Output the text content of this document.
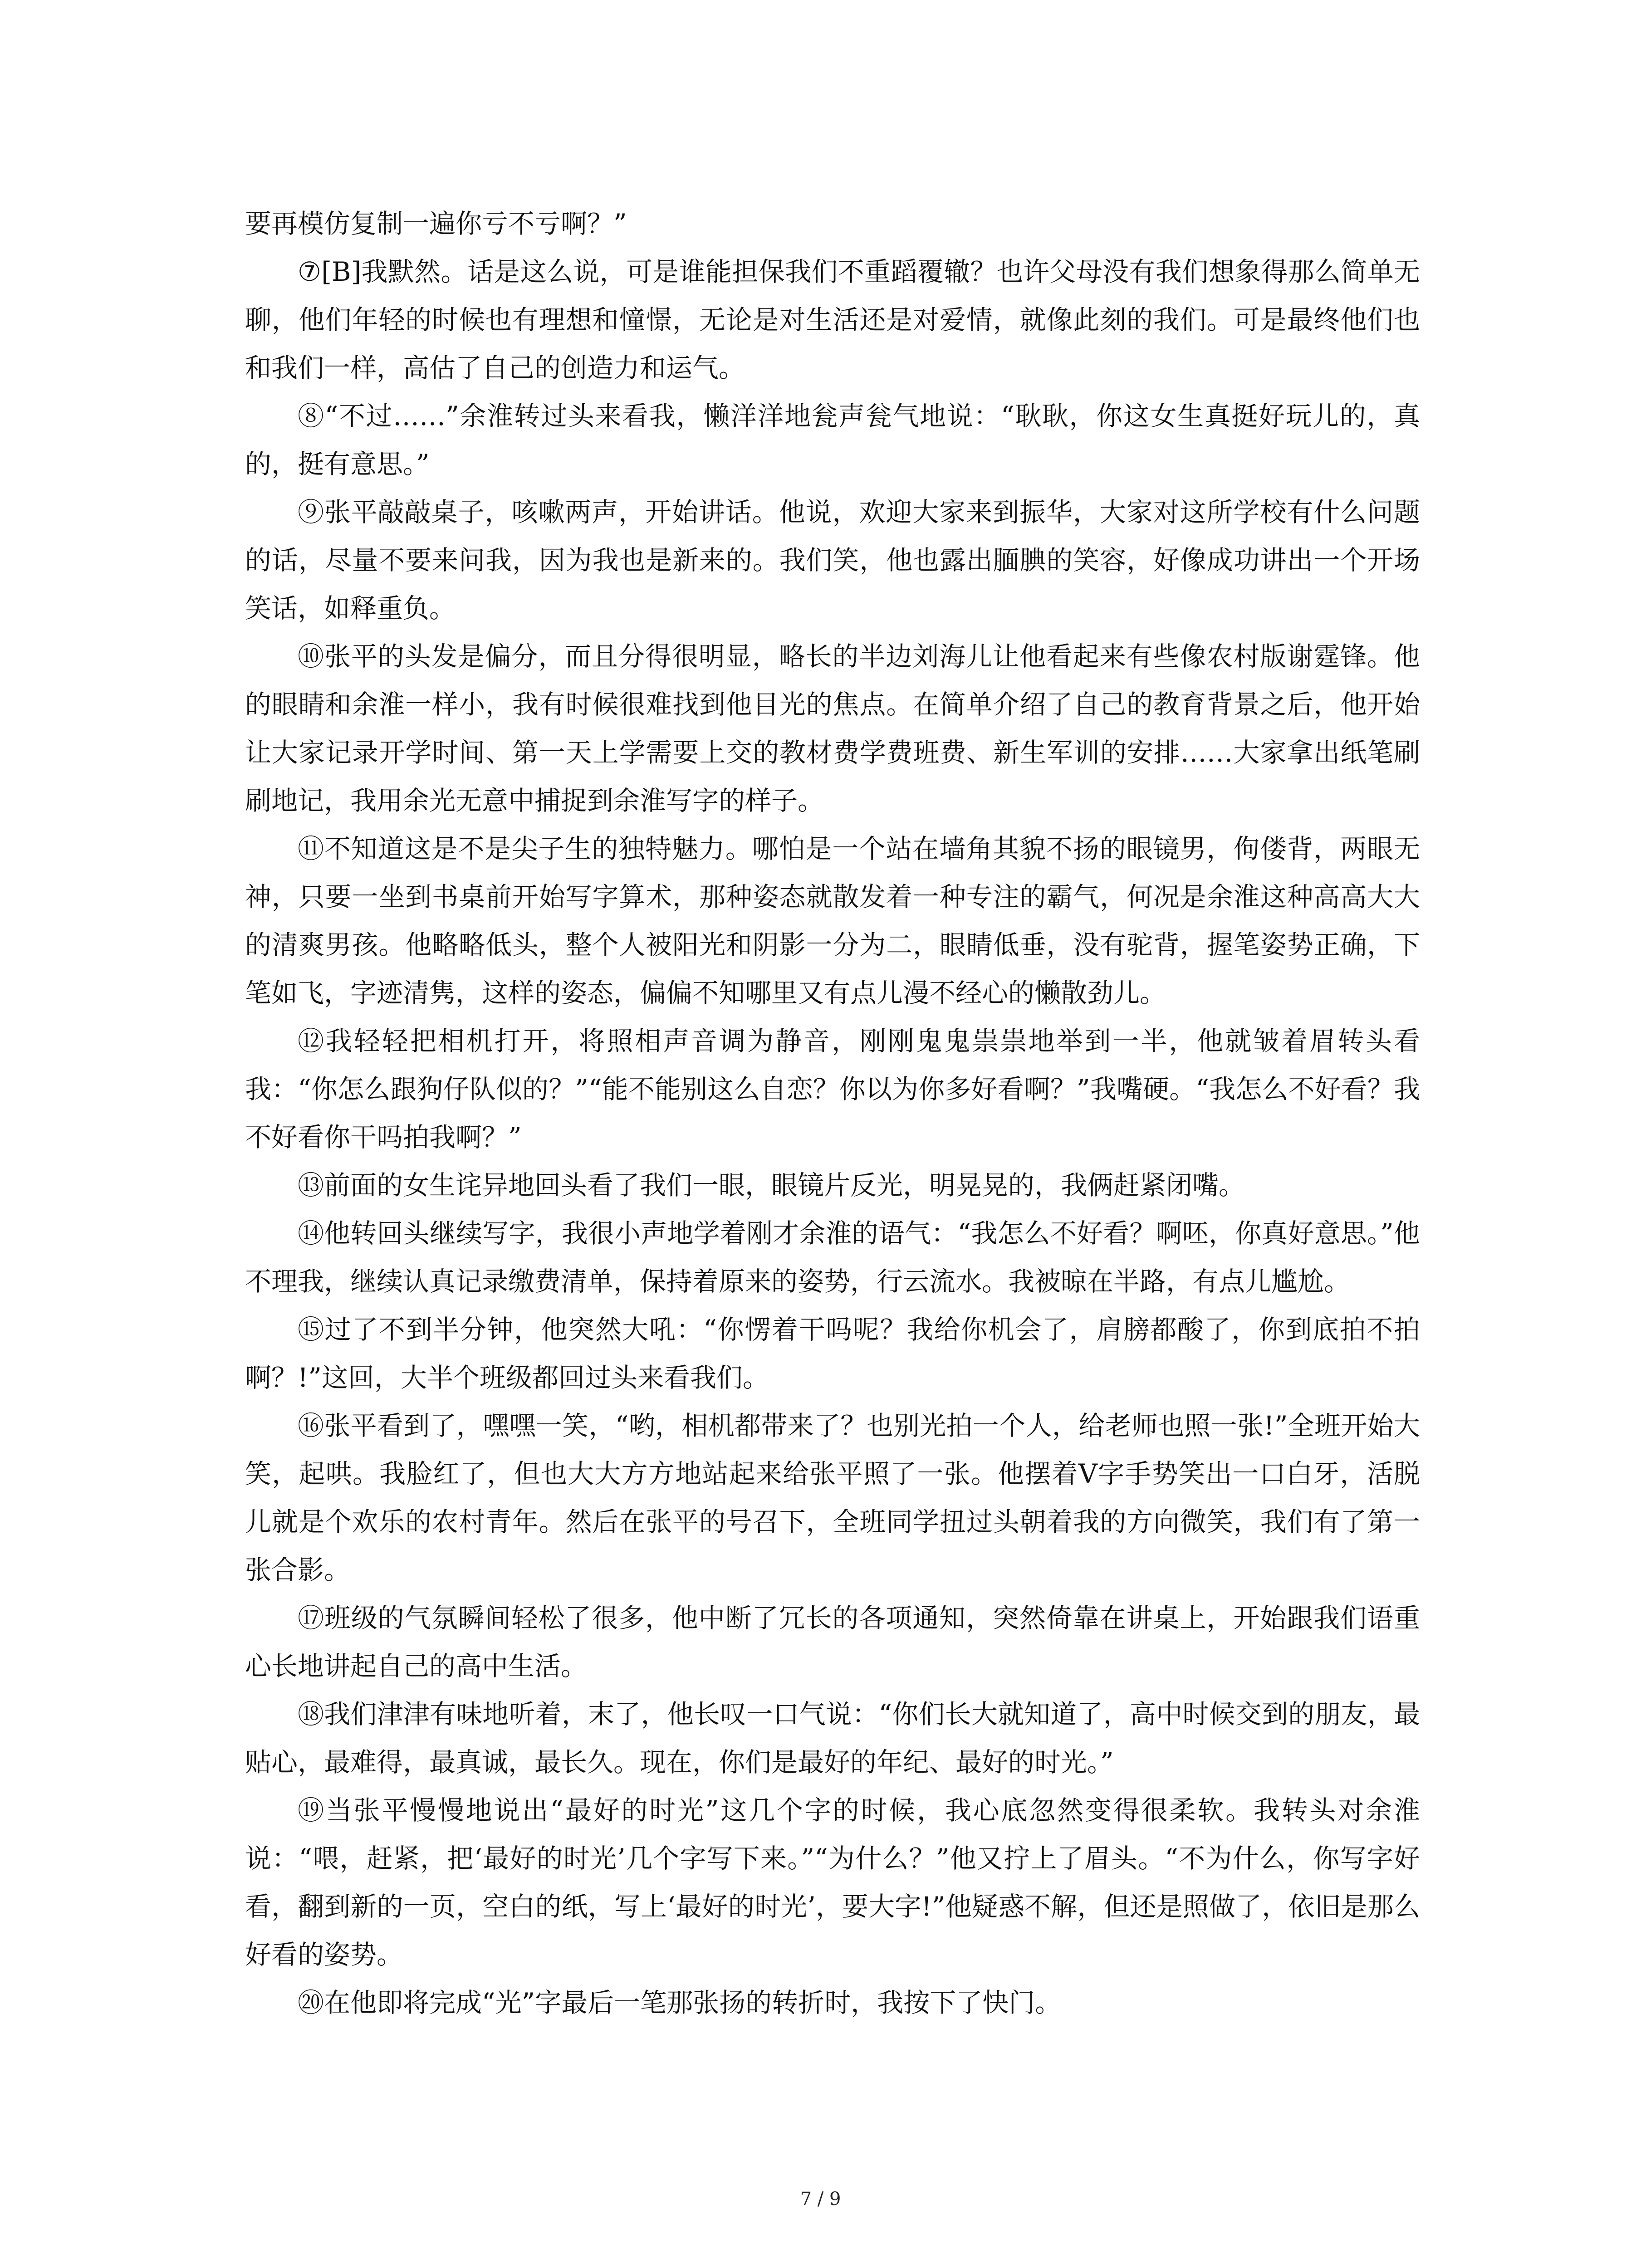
要再模仿复制一遍你亏不亏啊？”

⑦[B]我默然。话是这么说，可是谁能担保我们不重蹈覆辙？也许父母没有我们想象得那么简单无聊，他们年轻的时候也有理想和憧憬，无论是对生活还是对爱情，就像此刻的我们。可是最终他们也和我们一样，高估了自己的创造力和运气。

⑧“不过……”余淮转过头来看我，懒洋洋地瓮声瓮气地说：“耿耿，你这女生真挺好玩儿的，真的，挺有意思。”

⑨张平敲敲桌子，咳嗽两声，开始讲话。他说，欢迎大家来到振华，大家对这所学校有什么问题的话，尽量不要来问我，因为我也是新来的。我们笑，他也露出腼腆的笑容，好像成功讲出一个开场笑话，如释重负。

⑩张平的头发是偏分，而且分得很明显，略长的半边刘海儿让他看起来有些像农村版谢霆锋。他的眼睛和余淮一样小，我有时候很难找到他目光的焦点。在简单介绍了自己的教育背景之后，他开始让大家记录开学时间、第一天上学需要上交的教材费学费班费、新生军训的安排……大家拿出纸笔刷刷地记，我用余光无意中捕捉到余淮写字的样子。

⑪不知道这是不是尖子生的独特魅力。哪怕是一个站在墙角其貌不扬的眼镜男，佝偻背，两眼无神，只要一坐到书桌前开始写字算术，那种姿态就散发着一种专注的霸气，何况是余淮这种高高大大的清爽男孩。他略略低头，整个人被阳光和阴影一分为二，眼睛低垂，没有驼背，握笔姿势正确，下笔如飞，字迹清隽，这样的姿态，偏偏不知哪里又有点儿漫不经心的懒散劲儿。

⑫我轻轻把相机打开，将照相声音调为静音，刚刚鬼鬼祟祟地举到一半，他就皱着眉转头看我：“你怎么跟狗仔队似的？”“能不能别这么自恋？你以为你多好看啊？”我嘴硬。“我怎么不好看？我不好看你干吗拍我啊？”

⑬前面的女生诧异地回头看了我们一眼，眼镜片反光，明晃晃的，我俩赶紧闭嘴。

⑭他转回头继续写字，我很小声地学着刚才余淮的语气：“我怎么不好看？啊呸，你真好意思。”他不理我，继续认真记录缴费清单，保持着原来的姿势，行云流水。我被晾在半路，有点儿尴尬。

⑮过了不到半分钟，他突然大吼：“你愣着干吗呢？我给你机会了，肩膀都酸了，你到底拍不拍啊？!”这回，大半个班级都回过头来看我们。

⑯张平看到了，嘿嘿一笑，“哟，相机都带来了？也别光拍一个人，给老师也照一张!”全班开始大笑，起哄。我脸红了，但也大大方方地站起来给张平照了一张。他摆着V字手势笑出一口白牙，活脱儿就是个欢乐的农村青年。然后在张平的号召下，全班同学扭过头朝着我的方向微笑，我们有了第一张合影。

⑰班级的气氛瞬间轻松了很多，他中断了冗长的各项通知，突然倚靠在讲桌上，开始跟我们语重心长地讲起自己的高中生活。

⑱我们津津有味地听着，末了，他长叹一口气说：“你们长大就知道了，高中时候交到的朋友，最贴心，最难得，最真诚，最长久。现在，你们是最好的年纪、最好的时光。”

⑲当张平慢慢地说出“最好的时光”这几个字的时候，我心底忽然变得很柔软。我转头对余淮说：“喂，赶紧，把‘最好的时光’几个字写下来。”“为什么？”他又拧上了眉头。“不为什么，你写字好看，翻到新的一页，空白的纸，写上‘最好的时光’，要大字!”他疑惑不解，但还是照做了，依旧是那么好看的姿势。

⑳在他即将完成“光”字最后一笔那张扬的转折时，我按下了快门。

7 / 9
